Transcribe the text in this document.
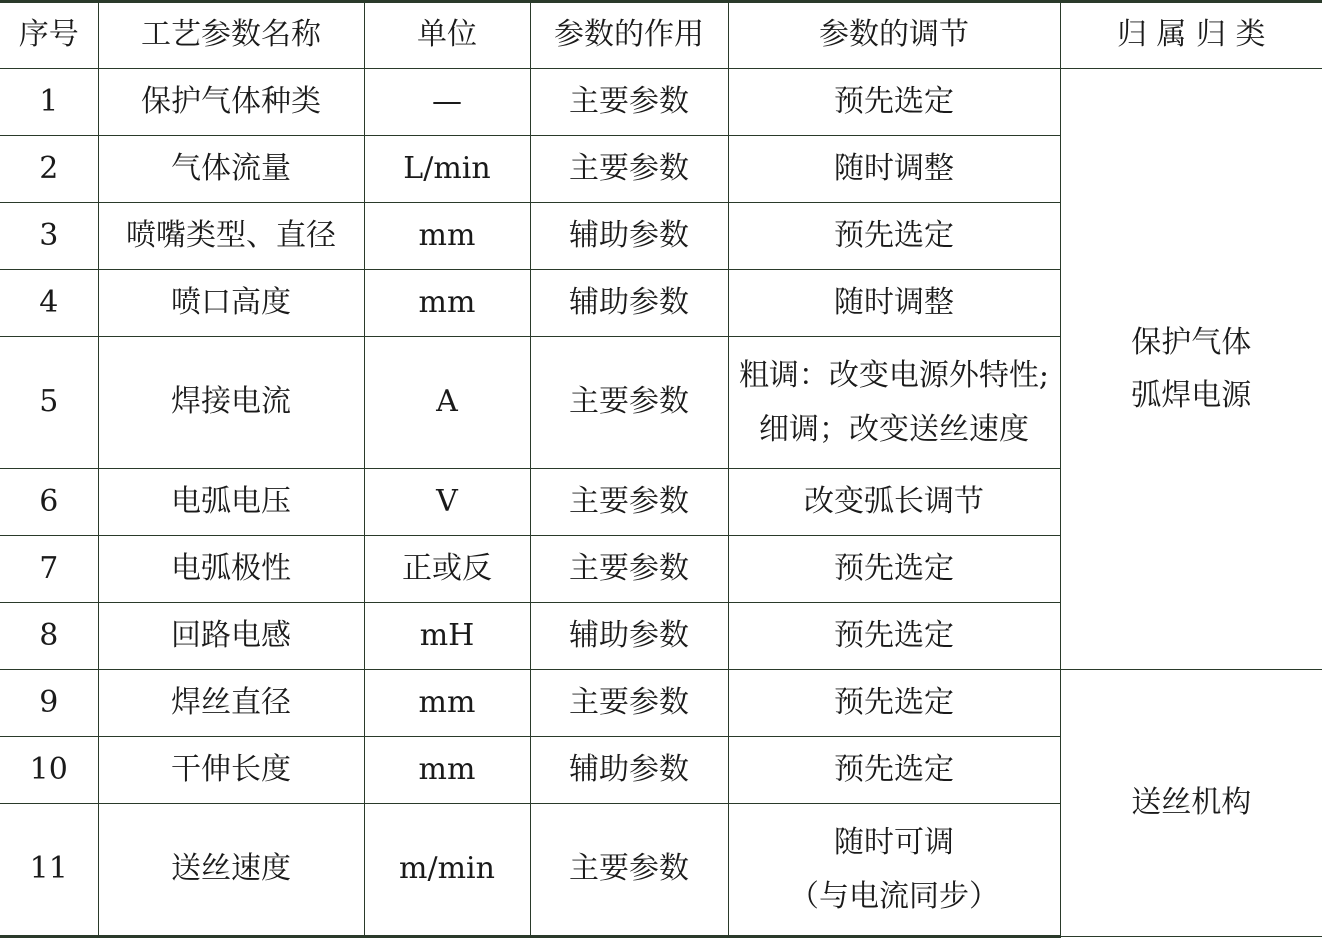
序号	工艺参数名称	单位	参数的作用	参数的调节	归 属 归 类
1	保护气体种类	—	主要参数	预先选定	保护气体
弧焊电源

2	气体流量	L/min	主要参数	随时调整	
3	喷嘴类型、直径	mm	辅助参数	预先选定	
4	喷口高度	mm	辅助参数	随时调整	
5	焊接电流	A	主要参数	粗调：改变电源外特性;
细调；改变送丝速度	

6	电弧电压	V	主要参数	改变弧长调节	
7	电弧极性	正或反	主要参数	预先选定	
8	回路电感	mH	辅助参数	预先选定	
9	焊丝直径	mm	主要参数	预先选定	送丝机构
10	干伸长度	mm	辅助参数	预先选定	
11	送丝速度	m/min	主要参数	随时可调
（与电流同步）	
